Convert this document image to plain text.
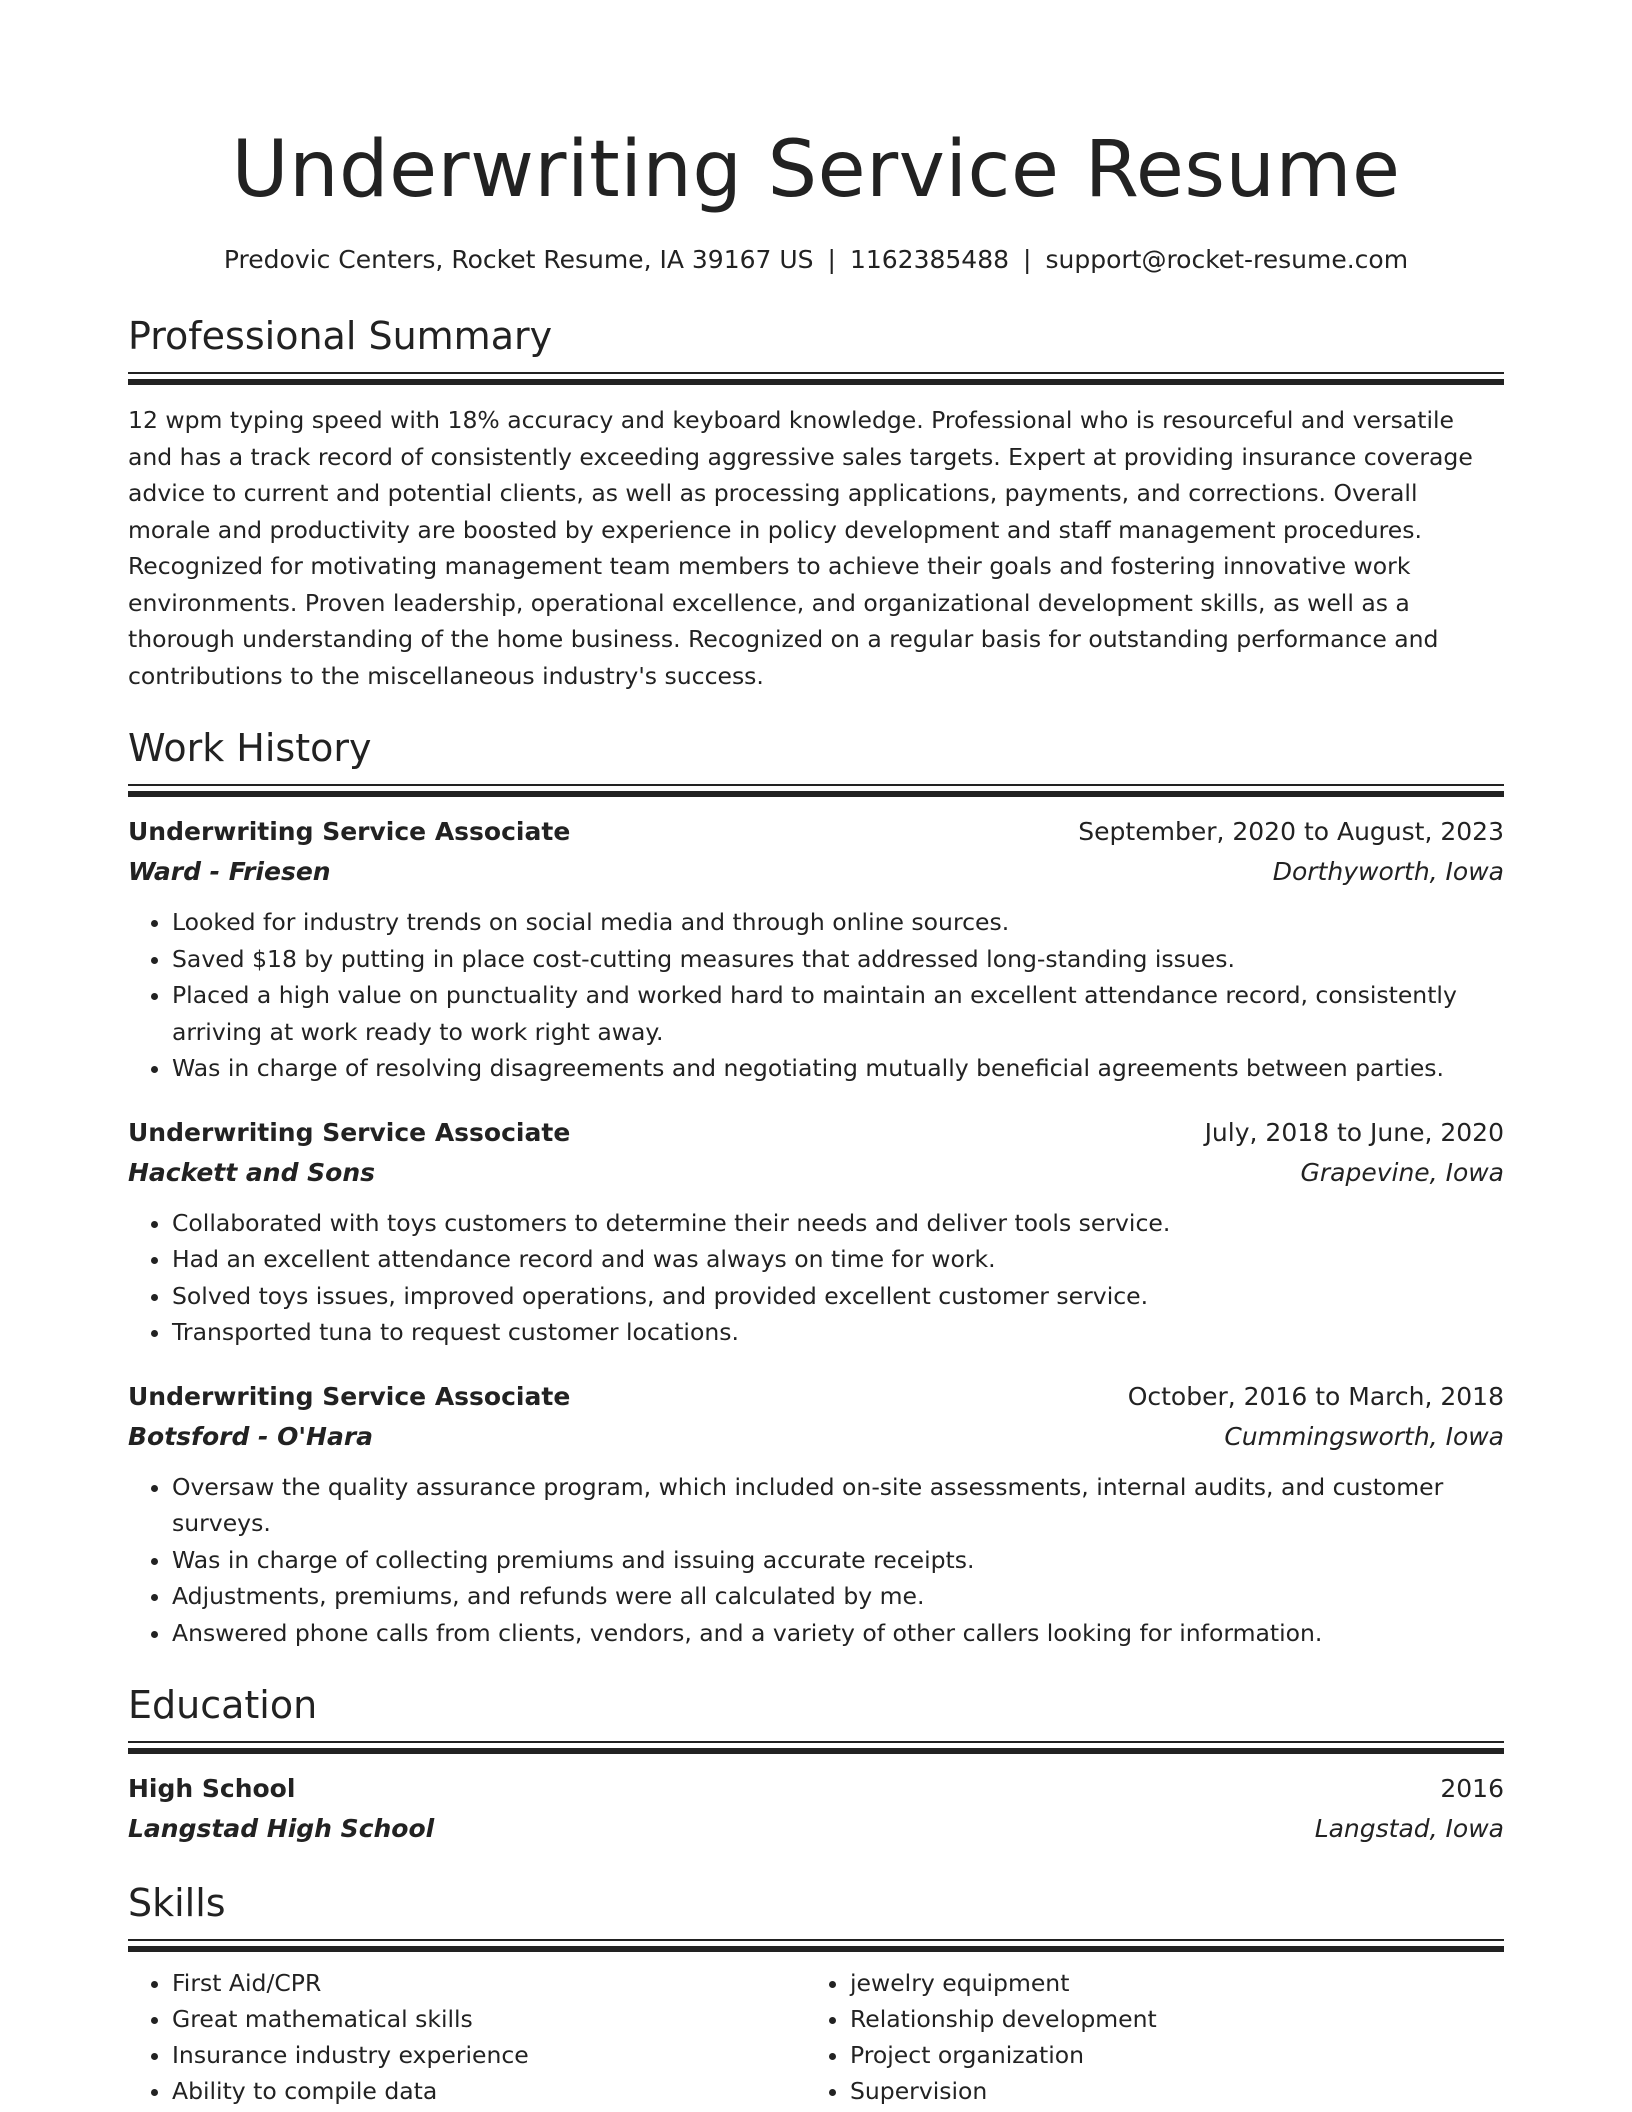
Underwriting Service Resume
Predovic Centers, Rocket Resume, IA 39167 US | 1162385488 | support@rocket-resume.com
Professional Summary

12 wpm typing speed with 18% accuracy and keyboard knowledge. Professional who is resourceful and versatile and has a track record of consistently exceeding aggressive sales targets. Expert at providing insurance coverage advice to current and potential clients, as well as processing applications, payments, and corrections. Overall morale and productivity are boosted by experience in policy development and staff management procedures. Recognized for motivating management team members to achieve their goals and fostering innovative work environments. Proven leadership, operational excellence, and organizational development skills, as well as a thorough understanding of the home business. Recognized on a regular basis for outstanding performance and contributions to the miscellaneous industry's success.

Work History
Underwriting Service Associate	September, 2020 to August, 2023
Ward - Friesen	Dorthyworth, Iowa
• Looked for industry trends on social media and through online sources.
• Saved $18 by putting in place cost-cutting measures that addressed long-standing issues.
• Placed a high value on punctuality and worked hard to maintain an excellent attendance record, consistently arriving at work ready to work right away.
• Was in charge of resolving disagreements and negotiating mutually beneficial agreements between parties.
Underwriting Service Associate	July, 2018 to June, 2020
Hackett and Sons	Grapevine, Iowa
• Collaborated with toys customers to determine their needs and deliver tools service.
• Had an excellent attendance record and was always on time for work.
• Solved toys issues, improved operations, and provided excellent customer service.
• Transported tuna to request customer locations.
Underwriting Service Associate	October, 2016 to March, 2018
Botsford - O'Hara	Cummingsworth, Iowa
• Oversaw the quality assurance program, which included on-site assessments, internal audits, and customer surveys.
• Was in charge of collecting premiums and issuing accurate receipts.
• Adjustments, premiums, and refunds were all calculated by me.
• Answered phone calls from clients, vendors, and a variety of other callers looking for information.
Education
High School	2016
Langstad High School	Langstad, Iowa
Skills
• First Aid/CPR
• Great mathematical skills
• Insurance industry experience
• Ability to compile data
• jewelry equipment
• Relationship development
• Project organization
• Supervision
